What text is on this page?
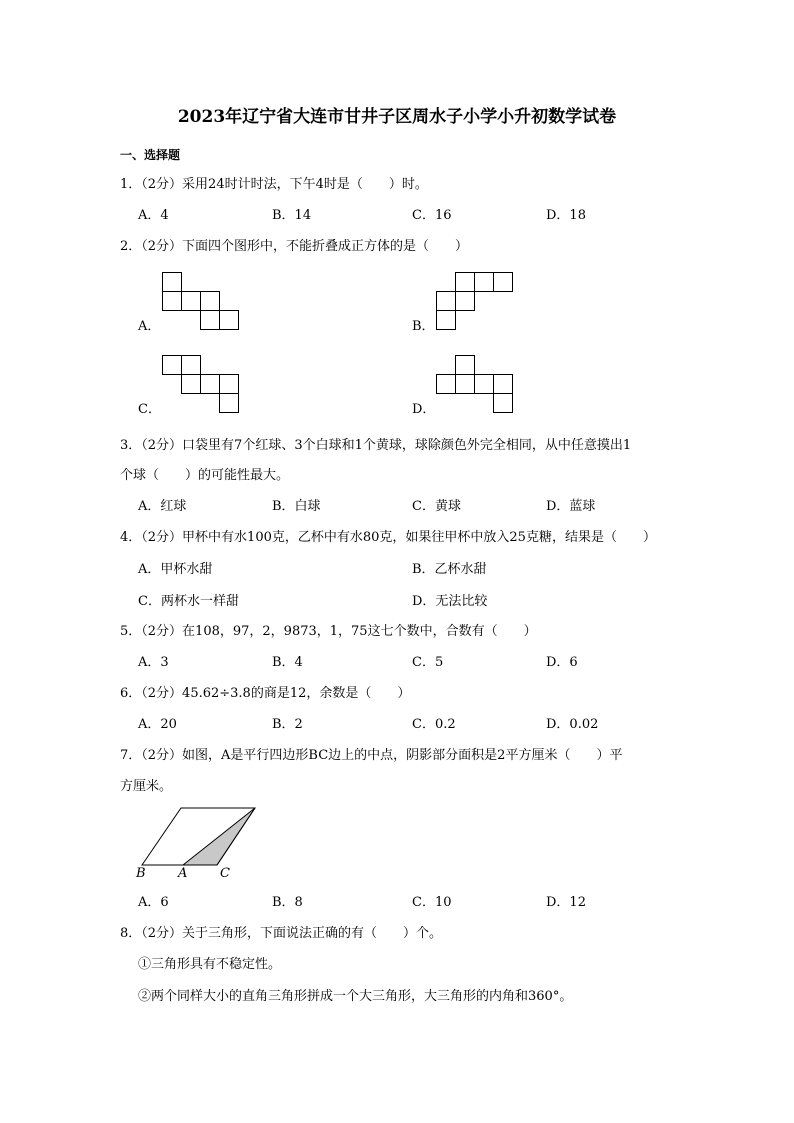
2023年辽宁省大连市甘井子区周水子小学小升初数学试卷
一、选择题
1．（2分）采用24时计时法，下午4时是（　　）时。
A．4	B．14	C．16	D．18
2．（2分）下面四个图形中，不能折叠成正方体的是（　　）
A．	B．
C．	D．
3．（2分）口袋里有7个红球、3个白球和1个黄球，球除颜色外完全相同，从中任意摸出1
个球（　　）的可能性最大。
A．红球	B．白球	C．黄球	D．蓝球
4．（2分）甲杯中有水100克，乙杯中有水80克，如果往甲杯中放入25克糖，结果是（　　）
A．甲杯水甜	B．乙杯水甜
C．两杯水一样甜	D．无法比较
5．（2分）在108，97，2，9873，1，75这七个数中，合数有（　　）
A．3	B．4	C．5	D．6
6．（2分）45.62÷3.8的商是12，余数是（　　）
A．20	B．2	C．0.2	D．0.02
7．（2分）如图，A是平行四边形BC边上的中点，阴影部分面积是2平方厘米（　　）平
方厘米。
B A	C
A．6	B．8	C．10	D．12
8．（2分）关于三角形，下面说法正确的有（　　）个。
①三角形具有不稳定性。
②两个同样大小的直角三角形拼成一个大三角形，大三角形的内角和360°。
